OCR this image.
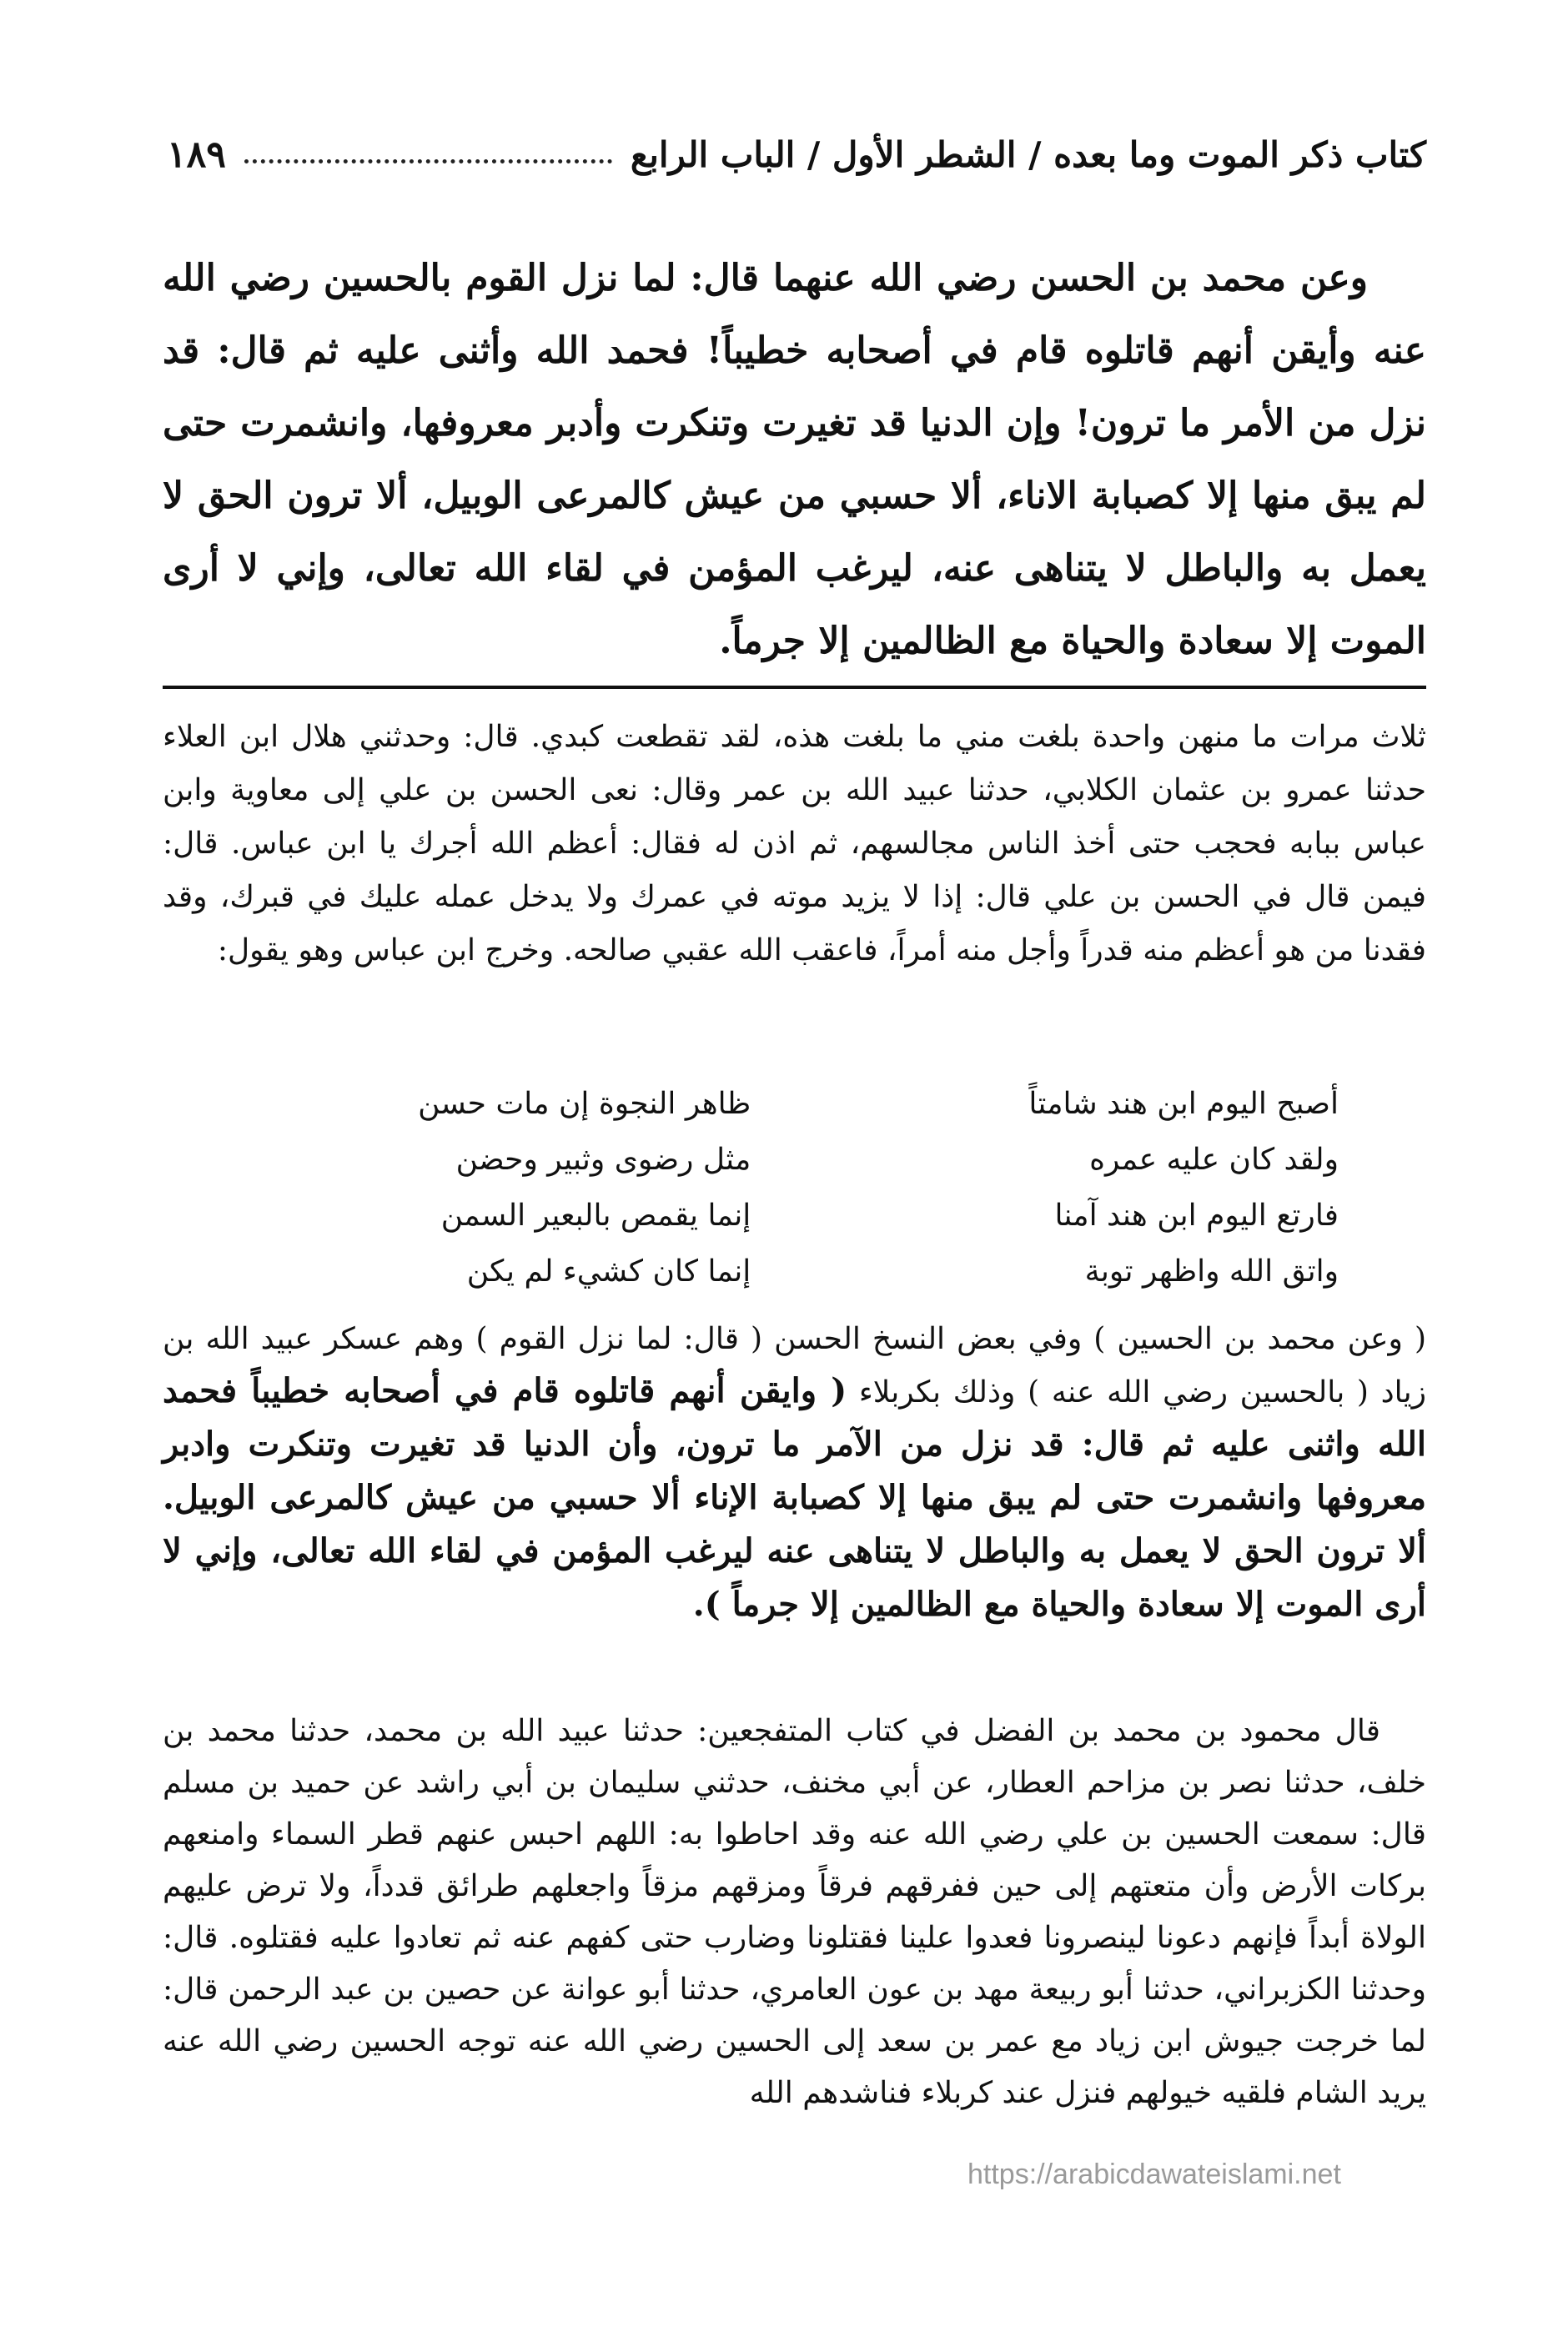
كتاب ذكر الموت وما بعده / الشطر الأول / الباب الرابع
١٨٩

وعن محمد بن الحسن رضي الله عنهما قال: لما نزل القوم بالحسين رضي الله عنه وأيقن أنهم قاتلوه قام في أصحابه خطيباً! فحمد الله وأثنى عليه ثم قال: قد نزل من الأمر ما ترون! وإن الدنيا قد تغيرت وتنكرت وأدبر معروفها، وانشمرت حتى لم يبق منها إلا كصبابة الاناء، ألا حسبي من عيش كالمرعى الوبيل، ألا ترون الحق لا يعمل به والباطل لا يتناهى عنه، ليرغب المؤمن في لقاء الله تعالى، وإني لا أرى الموت إلا سعادة والحياة مع الظالمين إلا جرماً.

ثلاث مرات ما منهن واحدة بلغت مني ما بلغت هذه، لقد تقطعت كبدي. قال: وحدثني هلال ابن العلاء حدثنا عمرو بن عثمان الكلابي، حدثنا عبيد الله بن عمر وقال: نعى الحسن بن علي إلى معاوية وابن عباس ببابه فحجب حتى أخذ الناس مجالسهم، ثم اذن له فقال: أعظم الله أجرك يا ابن عباس. قال: فيمن قال في الحسن بن علي قال: إذا لا يزيد موته في عمرك ولا يدخل عمله عليك في قبرك، وقد فقدنا من هو أعظم منه قدراً وأجل منه أمراً، فاعقب الله عقبي صالحه. وخرج ابن عباس وهو يقول:

أصبح اليوم ابن هند شامتاً
ظاهر النجوة إن مات حسن
ولقد كان عليه عمره
مثل رضوى وثبير وحضن
فارتع اليوم ابن هند آمنا
إنما يقمص بالبعير السمن
واتق الله واظهر توبة
إنما كان كشيء لم يكن

( وعن محمد بن الحسين ) وفي بعض النسخ الحسن ( قال: لما نزل القوم ) وهم عسكر عبيد الله بن زياد ( بالحسين رضي الله عنه ) وذلك بكربلاء ( وايقن أنهم قاتلوه قام في أصحابه خطيباً فحمد الله واثنى عليه ثم قال: قد نزل من الآمر ما ترون، وأن الدنيا قد تغيرت وتنكرت وادبر معروفها وانشمرت حتى لم يبق منها إلا كصبابة الإناء ألا حسبي من عيش كالمرعى الوبيل. ألا ترون الحق لا يعمل به والباطل لا يتناهى عنه ليرغب المؤمن في لقاء الله تعالى، وإني لا أرى الموت إلا سعادة والحياة مع الظالمين إلا جرماً ).

قال محمود بن محمد بن الفضل في كتاب المتفجعين: حدثنا عبيد الله بن محمد، حدثنا محمد بن خلف، حدثنا نصر بن مزاحم العطار، عن أبي مخنف، حدثني سليمان بن أبي راشد عن حميد بن مسلم قال: سمعت الحسين بن علي رضي الله عنه وقد احاطوا به: اللهم احبس عنهم قطر السماء وامنعهم بركات الأرض وأن متعتهم إلى حين ففرقهم فرقاً ومزقهم مزقاً واجعلهم طرائق قدداً، ولا ترض عليهم الولاة أبداً فإنهم دعونا لينصرونا فعدوا علينا فقتلونا وضارب حتى كفهم عنه ثم تعادوا عليه فقتلوه. قال: وحدثنا الكزبراني، حدثنا أبو ربيعة مهد بن عون العامري، حدثنا أبو عوانة عن حصين بن عبد الرحمن قال: لما خرجت جيوش ابن زياد مع عمر بن سعد إلى الحسين رضي الله عنه توجه الحسين رضي الله عنه يريد الشام فلقيه خيولهم فنزل عند كربلاء فناشدهم الله

https://arabicdawateislami.net
